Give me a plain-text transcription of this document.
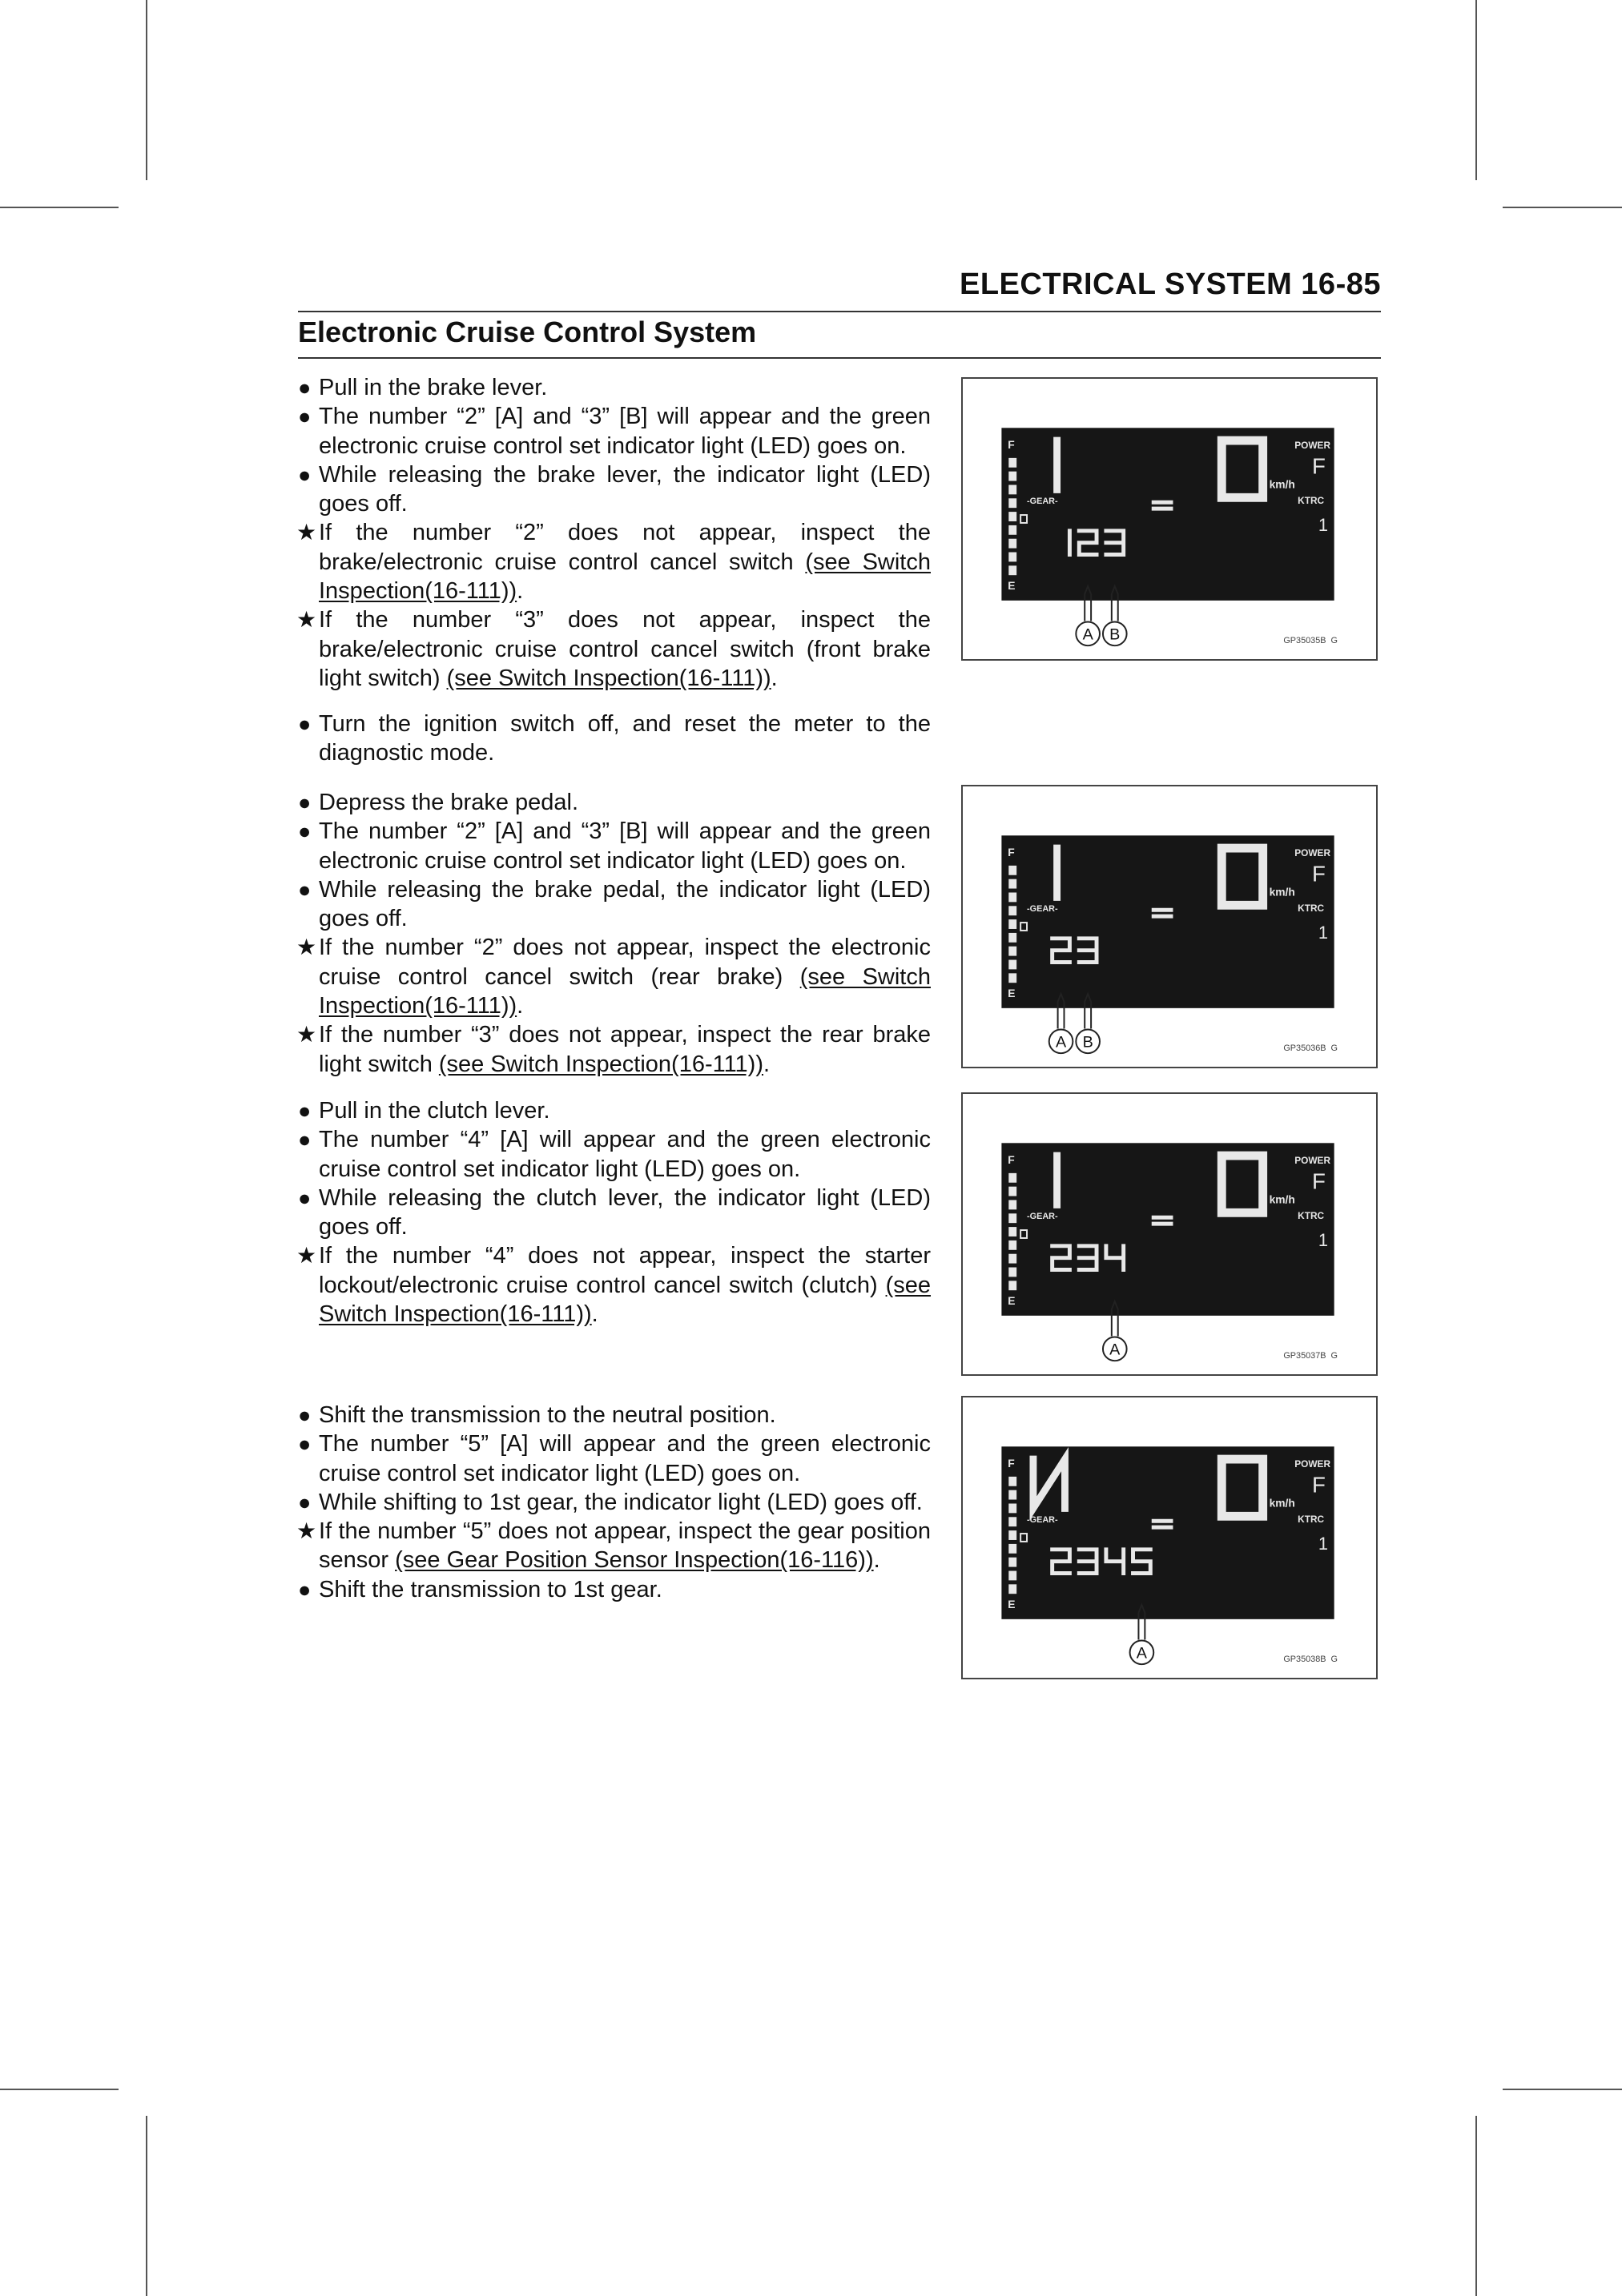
ELECTRICAL SYSTEM 16-85
Electronic Cruise Control System
● Pull in the brake lever.
● The number “2” [A] and “3” [B] will appear and the green electronic cruise control set indicator light (LED) goes on.
● While releasing the brake lever, the indicator light (LED) goes off.
★ If the number “2” does not appear, inspect the brake/electronic cruise control cancel switch (see Switch Inspection(16-111)).
★ If the number “3” does not appear, inspect the brake/electronic cruise control cancel switch (front brake light switch) (see Switch Inspection(16-111)).
● Turn the ignition switch off, and reset the meter to the diagnostic mode.
● Depress the brake pedal.
● The number “2” [A] and “3” [B] will appear and the green electronic cruise control set indicator light (LED) goes on.
● While releasing the brake pedal, the indicator light (LED) goes off.
★ If the number “2” does not appear, inspect the electronic cruise control cancel switch (rear brake) (see Switch Inspection(16-111)).
★ If the number “3” does not appear, inspect the rear brake light switch (see Switch Inspection(16-111)).
● Pull in the clutch lever.
● The number “4” [A] will appear and the green electronic cruise control set indicator light (LED) goes on.
● While releasing the clutch lever, the indicator light (LED) goes off.
★ If the number “4” does not appear, inspect the starter lockout/electronic cruise control cancel switch (clutch) (see Switch Inspection(16-111)).
● Shift the transmission to the neutral position.
● The number “5” [A] will appear and the green electronic cruise control set indicator light (LED) goes on.
● While shifting to 1st gear, the indicator light (LED) goes off.
★ If the number “5” does not appear, inspect the gear position sensor (see Gear Position Sensor Inspection(16-116)).
● Shift the transmission to 1st gear.
F
E
-GEAR-
km/h
POWER
F
KTRC
1
A B	GP35035B  G
F
E
-GEAR-
km/h
POWER
F
KTRC
1
A B	GP35036B  G
F
E
-GEAR-
km/h
POWER
F
KTRC
1
A	GP35037B  G
F
E
-GEAR-
km/h
POWER
F
KTRC
1
A	GP35038B  G
